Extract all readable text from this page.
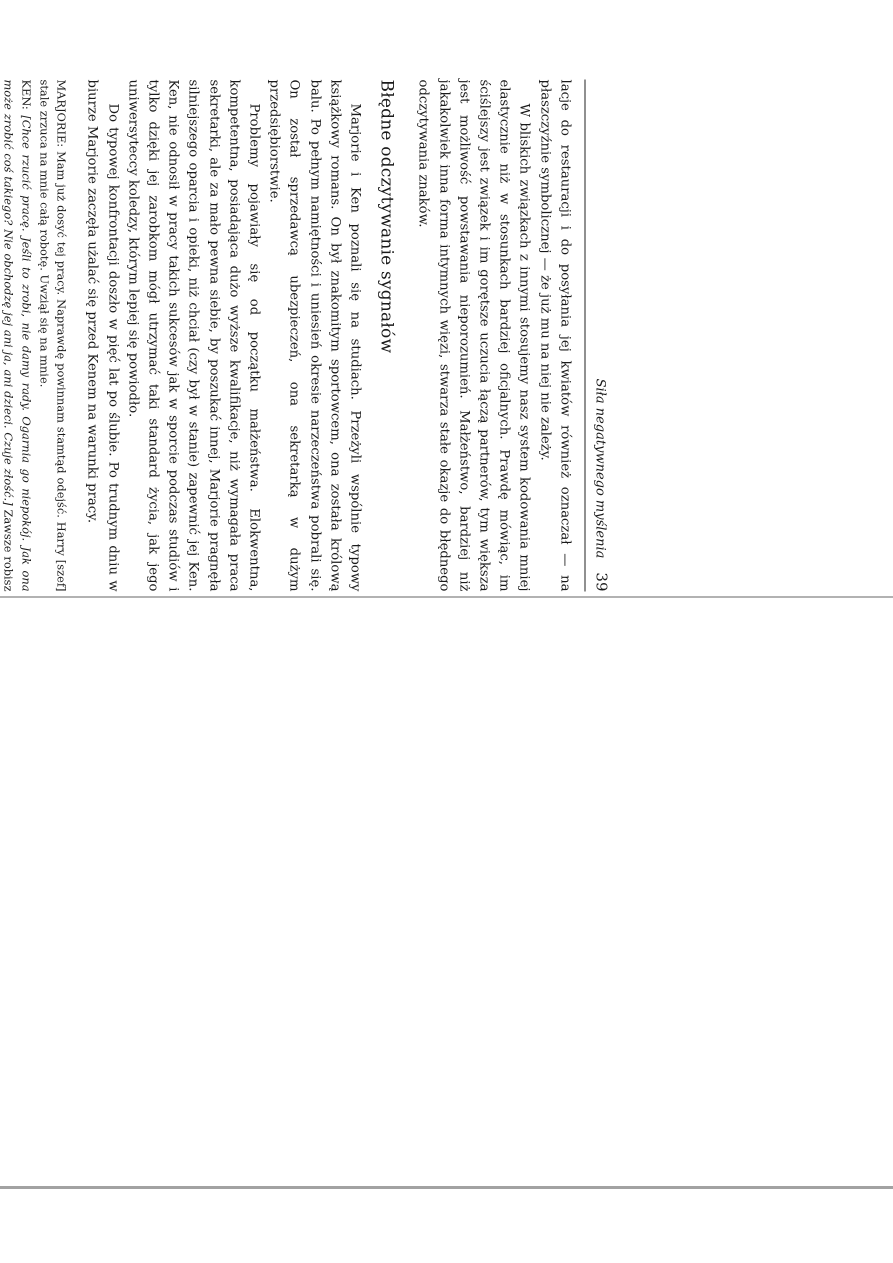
Siła negatywnego myślenia
39

lacje do restauracji i do posyłania jej kwiatów również oznaczał — na płaszczyźnie symbolicznej — że już mu na niej nie zależy.

W bliskich związkach z innymi stosujemy nasz system kodowania mniej elastycznie niż w stosunkach bardziej oficjalnych. Prawdę mówiąc, im ściślejszy jest związek i im gorętsze uczucia łączą partnerów, tym większa jest możliwość powstawania nieporozumień. Małżeństwo, bardziej niż jakakolwiek inna forma intymnych więzi, stwarza stałe okazje do błędnego odczytywania znaków.

Błędne odczytywanie sygnałów

Marjorie i Ken poznali się na studiach. Przeżyli wspólnie typowy książkowy romans. On był znakomitym sportowcem, ona została królową balu. Po pełnym namiętności i uniesień okresie narzeczeństwa pobrali się. On został sprzedawcą ubezpieczeń, ona sekretarką w dużym przedsiębiorstwie.

Problemy pojawiały się od początku małżeństwa. Elokwentna, kompetentna, posiadająca dużo wyższe kwalifikacje, niż wymagała praca sekretarki, ale za mało pewna siebie, by poszukać innej, Marjorie pragnęła silniejszego oparcia i opieki, niż chciał (czy był w stanie) zapewnić jej Ken. Ken, nie odnosił w pracy takich sukcesów jak w sporcie podczas studiów i tylko dzięki jej zarobkom mógł utrzymać taki standard życia, jak jego uniwersyteccy koledzy, którym lepiej się powiodło.

Do typowej konfrontacji doszło w pięć lat po ślubie. Po trudnym dniu w biurze Marjorie zaczęła użalać się przed Kenem na warunki pracy.

MARJORIE: Mam już dosyć tej pracy. Naprawdę powinnam stamtąd odejść. Harry [szef] stale zrzuca na mnie całą robotę. Uwziął się na mnie.

KEN: [Chce rzucić pracę. Jeśli to zrobi, nie damy rady. Ogarnia go niepokój. Jak ona może zrobić coś takiego? Nie obchodzę jej ani ja, ani dzieci. Czuje złość.] Zawsze robisz
